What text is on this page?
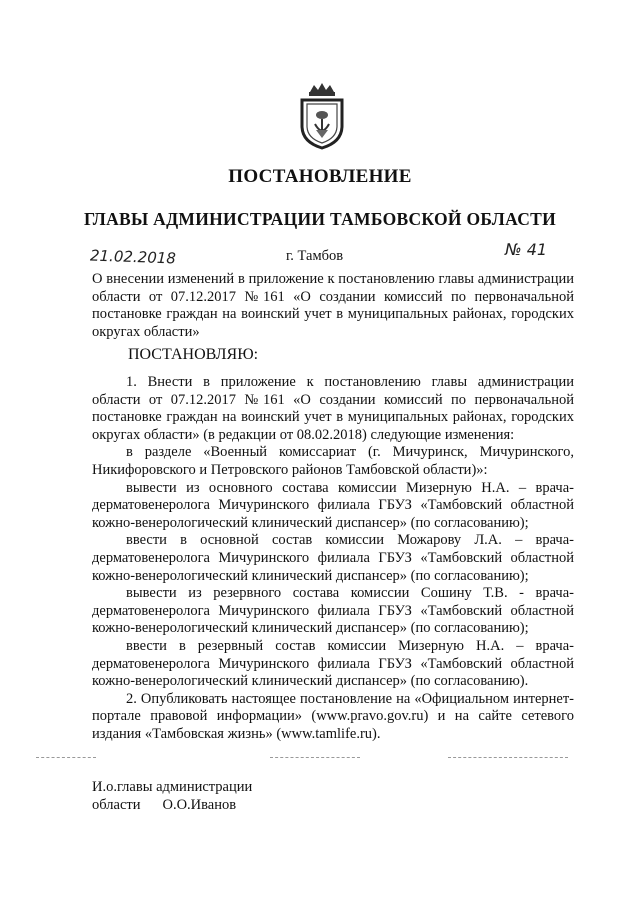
ПОСТАНОВЛЕНИЕ
ГЛАВЫ АДМИНИСТРАЦИИ ТАМБОВСКОЙ ОБЛАСТИ
21.02.2018	г. Тамбов	№ 41
О внесении изменений в приложение к постановлению главы администрации области от 07.12.2017 №161 «О создании комиссий по первоначальной постановке граждан на воинский учет в муниципальных районах, городских округах области»
ПОСТАНОВЛЯЮ:

1. Внести в приложение к постановлению главы администрации области от 07.12.2017 №161 «О создании комиссий по первоначальной постановке граждан на воинский учет в муниципальных районах, городских округах области» (в редакции от 08.02.2018) следующие изменения:

в разделе «Военный комиссариат (г. Мичуринск, Мичуринского, Никифоровского и Петровского районов Тамбовской области)»:

вывести из основного состава комиссии Мизерную Н.А. – врача-дерматовенеролога Мичуринского филиала ГБУЗ «Тамбовский областной кожно-венерологический клинический диспансер» (по согласованию);

ввести в основной состав комиссии Можарову Л.А. – врача-дерматовенеролога Мичуринского филиала ГБУЗ «Тамбовский областной кожно-венерологический клинический диспансер» (по согласованию);

вывести из резервного состава комиссии Сошину Т.В. - врача-дерматовенеролога Мичуринского филиала ГБУЗ «Тамбовский областной кожно-венерологический клинический диспансер» (по согласованию);

ввести в резервный состав комиссии Мизерную Н.А. – врача-дерматовенеролога Мичуринского филиала ГБУЗ «Тамбовский областной кожно-венерологический клинический диспансер» (по согласованию).

2. Опубликовать настоящее постановление на «Официальном интернет-портале правовой информации» (www.pravo.gov.ru) и на сайте сетевого издания «Тамбовская жизнь» (www.tamlife.ru).

И.о.главы администрации
области О.О.Иванов
